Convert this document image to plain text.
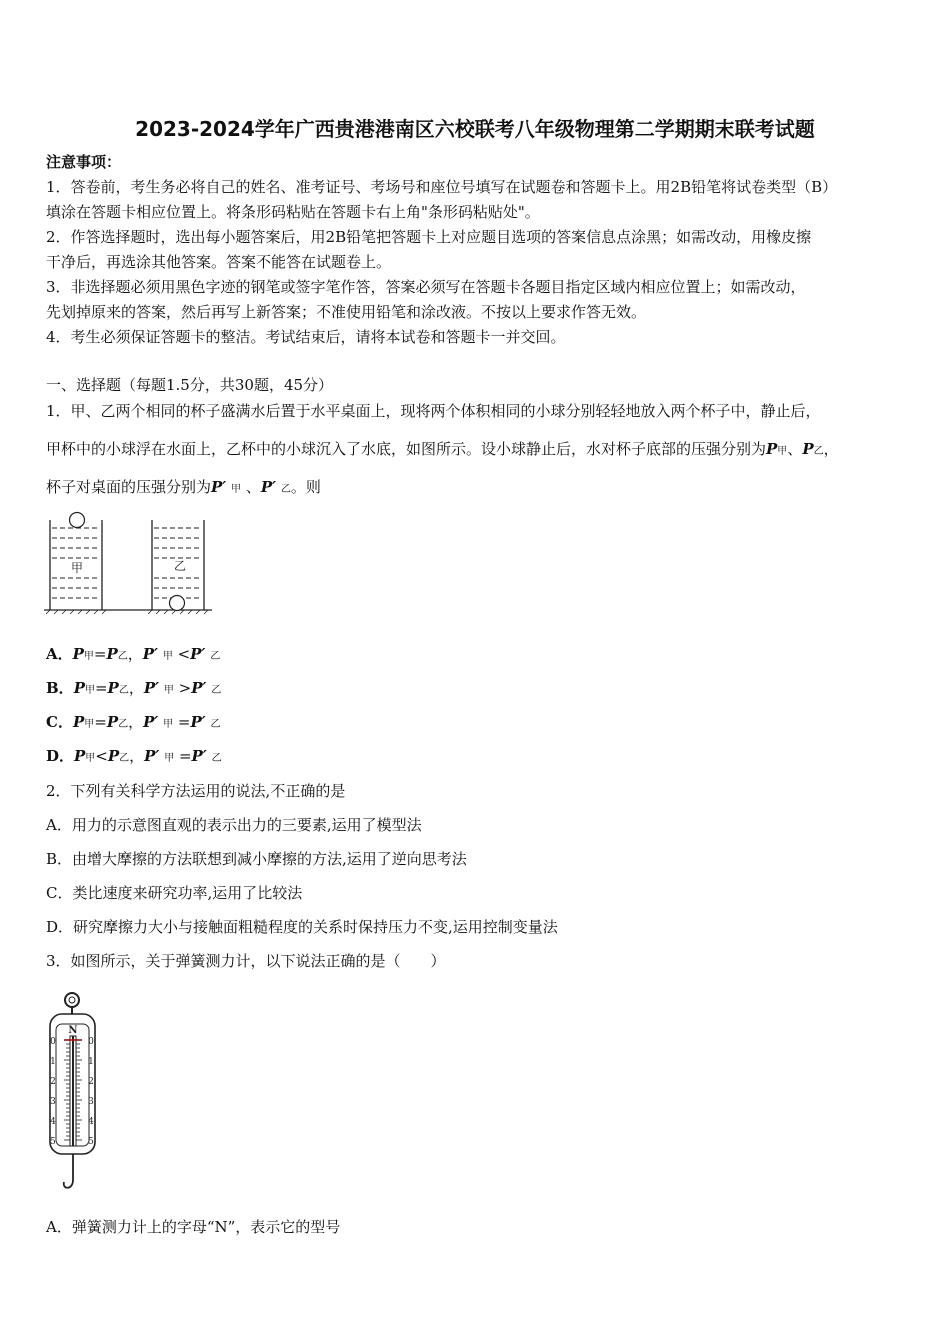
2023-2024学年广西贵港港南区六校联考八年级物理第二学期期末联考试题
注意事项：
1．答卷前，考生务必将自己的姓名、准考证号、考场号和座位号填写在试题卷和答题卡上。用2B铅笔将试卷类型（B）
填涂在答题卡相应位置上。将条形码粘贴在答题卡右上角"条形码粘贴处"。
2．作答选择题时，选出每小题答案后，用2B铅笔把答题卡上对应题目选项的答案信息点涂黑；如需改动，用橡皮擦
干净后，再选涂其他答案。答案不能答在试题卷上。
3．非选择题必须用黑色字迹的钢笔或签字笔作答，答案必须写在答题卡各题目指定区域内相应位置上；如需改动，
先划掉原来的答案，然后再写上新答案；不准使用铅笔和涂改液。不按以上要求作答无效。
4．考生必须保证答题卡的整洁。考试结束后，请将本试卷和答题卡一并交回。
一、选择题（每题1.5分，共30题，45分）
1．甲、乙两个相同的杯子盛满水后置于水平桌面上，现将两个体积相同的小球分别轻轻地放入两个杯子中，静止后，
甲杯中的小球浮在水面上，乙杯中的小球沉入了水底，如图所示。设小球静止后，水对杯子底部的压强分别为P甲、P乙，
杯子对桌面的压强分别为P′ 甲 、P′ 乙。则
甲	乙
A．P甲=P乙，P′ 甲 <P′ 乙
B．P甲=P乙，P′ 甲 >P′ 乙
C．P甲=P乙，P′ 甲 =P′ 乙
D．P甲<P乙，P′ 甲 =P′ 乙
2．下列有关科学方法运用的说法,不正确的是
A．用力的示意图直观的表示出力的三要素,运用了模型法
B．由增大摩擦的方法联想到减小摩擦的方法,运用了逆向思考法
C．类比速度来研究功率,运用了比较法
D．研究摩擦力大小与接触面粗糙程度的关系时保持压力不变,运用控制变量法
3．如图所示，关于弹簧测力计，以下说法正确的是（　　）
N
0
1
2
3
4
5
0
1
2
3
4
5
A．弹簧测力计上的字母“N”，表示它的型号
